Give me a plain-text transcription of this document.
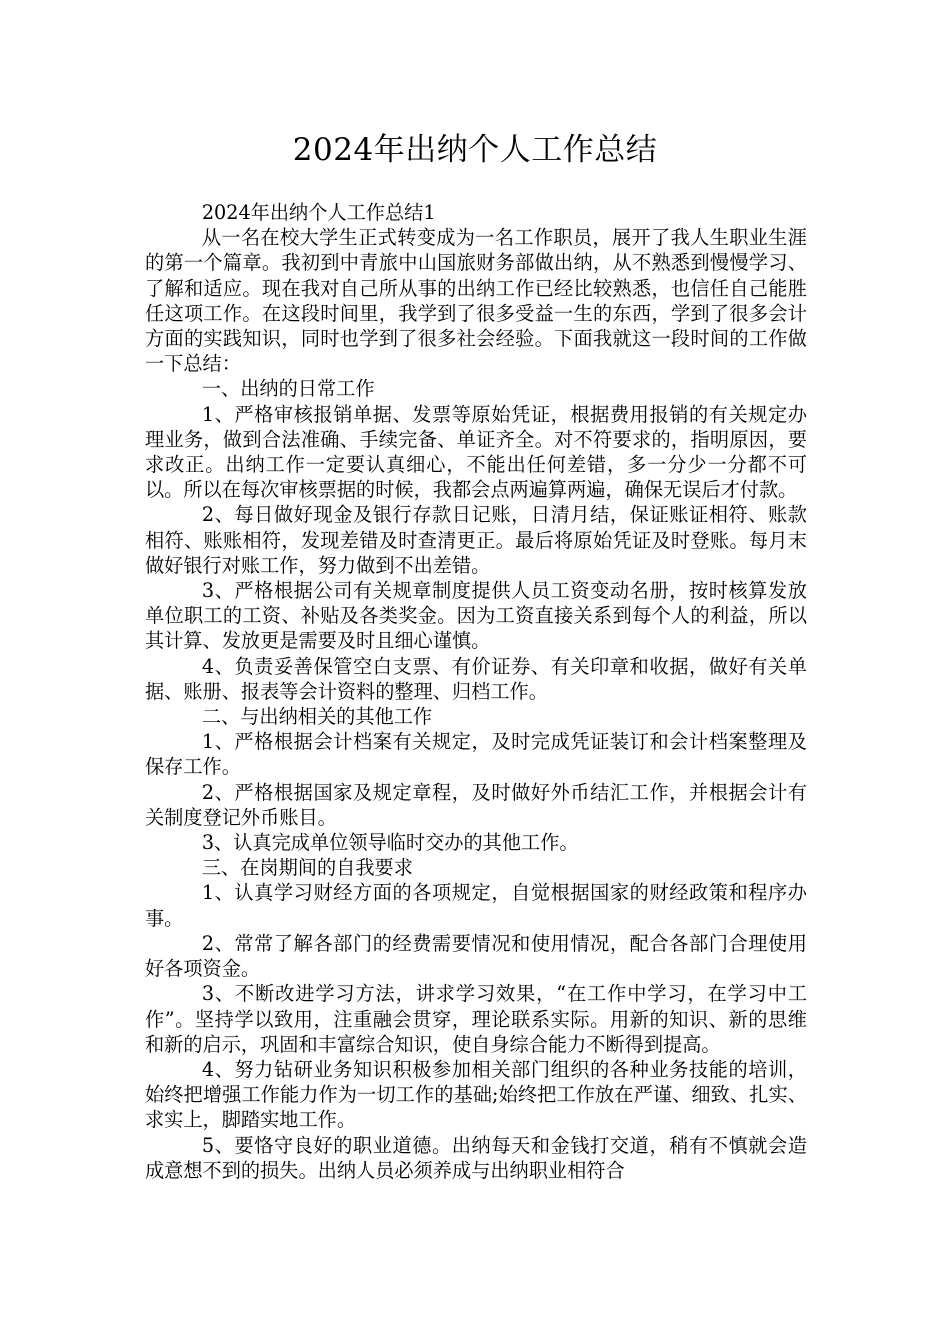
2024年出纳个人工作总结

2024年出纳个人工作总结1

从一名在校大学生正式转变成为一名工作职员，展开了我人生职业生涯的第一个篇章。我初到中青旅中山国旅财务部做出纳，从不熟悉到慢慢学习、了解和适应。现在我对自己所从事的出纳工作已经比较熟悉，也信任自己能胜任这项工作。在这段时间里，我学到了很多受益一生的东西，学到了很多会计方面的实践知识，同时也学到了很多社会经验。下面我就这一段时间的工作做一下总结：

一、出纳的日常工作

1、严格审核报销单据、发票等原始凭证，根据费用报销的有关规定办理业务，做到合法准确、手续完备、单证齐全。对不符要求的，指明原因，要求改正。出纳工作一定要认真细心，不能出任何差错，多一分少一分都不可以。所以在每次审核票据的时候，我都会点两遍算两遍，确保无误后才付款。

2、每日做好现金及银行存款日记账，日清月结，保证账证相符、账款相符、账账相符，发现差错及时查清更正。最后将原始凭证及时登账。每月末做好银行对账工作，努力做到不出差错。

3、严格根据公司有关规章制度提供人员工资变动名册，按时核算发放单位职工的工资、补贴及各类奖金。因为工资直接关系到每个人的利益，所以其计算、发放更是需要及时且细心谨慎。

4、负责妥善保管空白支票、有价证券、有关印章和收据，做好有关单据、账册、报表等会计资料的整理、归档工作。

二、与出纳相关的其他工作

1、严格根据会计档案有关规定，及时完成凭证装订和会计档案整理及保存工作。

2、严格根据国家及规定章程，及时做好外币结汇工作，并根据会计有关制度登记外币账目。

3、认真完成单位领导临时交办的其他工作。

三、在岗期间的自我要求

1、认真学习财经方面的各项规定，自觉根据国家的财经政策和程序办事。

2、常常了解各部门的经费需要情况和使用情况，配合各部门合理使用好各项资金。

3、不断改进学习方法，讲求学习效果，“在工作中学习，在学习中工作”。坚持学以致用，注重融会贯穿，理论联系实际。用新的知识、新的思维和新的启示，巩固和丰富综合知识，使自身综合能力不断得到提高。

4、努力钻研业务知识积极参加相关部门组织的各种业务技能的培训，始终把增强工作能力作为一切工作的基础;始终把工作放在严谨、细致、扎实、求实上，脚踏实地工作。

5、要恪守良好的职业道德。出纳每天和金钱打交道，稍有不慎就会造成意想不到的损失。出纳人员必须养成与出纳职业相符合
